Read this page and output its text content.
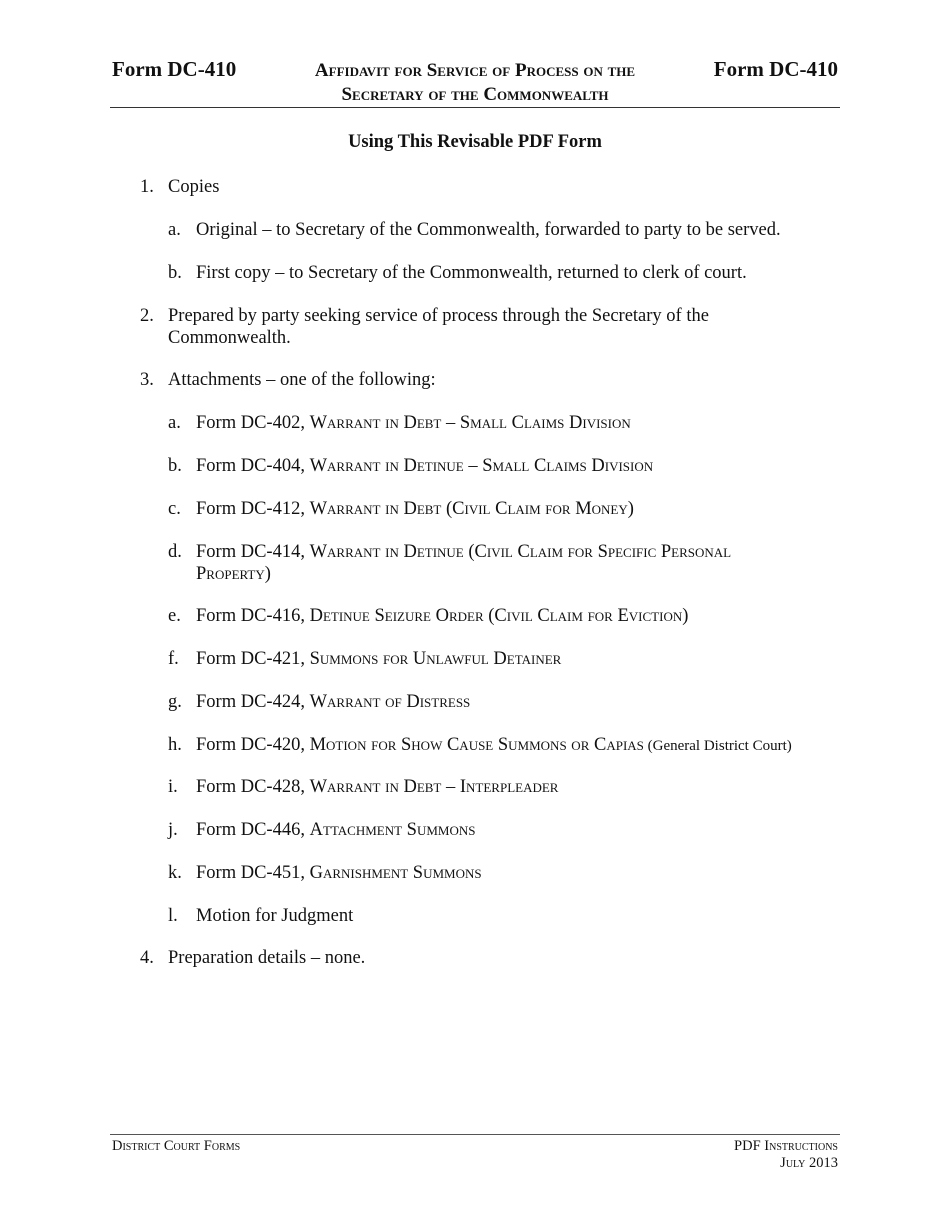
Form DC-410	Affidavit for Service of Process on the
Secretary of the Commonwealth
Form DC-410
Using This Revisable PDF Form
1. Copies
a. Original – to Secretary of the Commonwealth, forwarded to party to be served.
b. First copy – to Secretary of the Commonwealth, returned to clerk of court.
2. Prepared by party seeking service of process through the Secretary of the
Commonwealth.
3. Attachments – one of the following:
a. Form DC-402, Warrant in Debt – Small Claims Division
b. Form DC-404, Warrant in Detinue – Small Claims Division
c. Form DC-412, Warrant in Debt (Civil Claim for Money)
d. Form DC-414, Warrant in Detinue (Civil Claim for Specific Personal
Property)
e. Form DC-416, Detinue Seizure Order (Civil Claim for Eviction)
f. Form DC-421, Summons for Unlawful Detainer
g. Form DC-424, Warrant of Distress
h. Form DC-420, Motion for Show Cause Summons or Capias (General District Court)
i. Form DC-428, Warrant in Debt – Interpleader
j. Form DC-446, Attachment Summons
k. Form DC-451, Garnishment Summons
l. Motion for Judgment
4. Preparation details – none.
District Court Forms	PDF Instructions
July 2013
